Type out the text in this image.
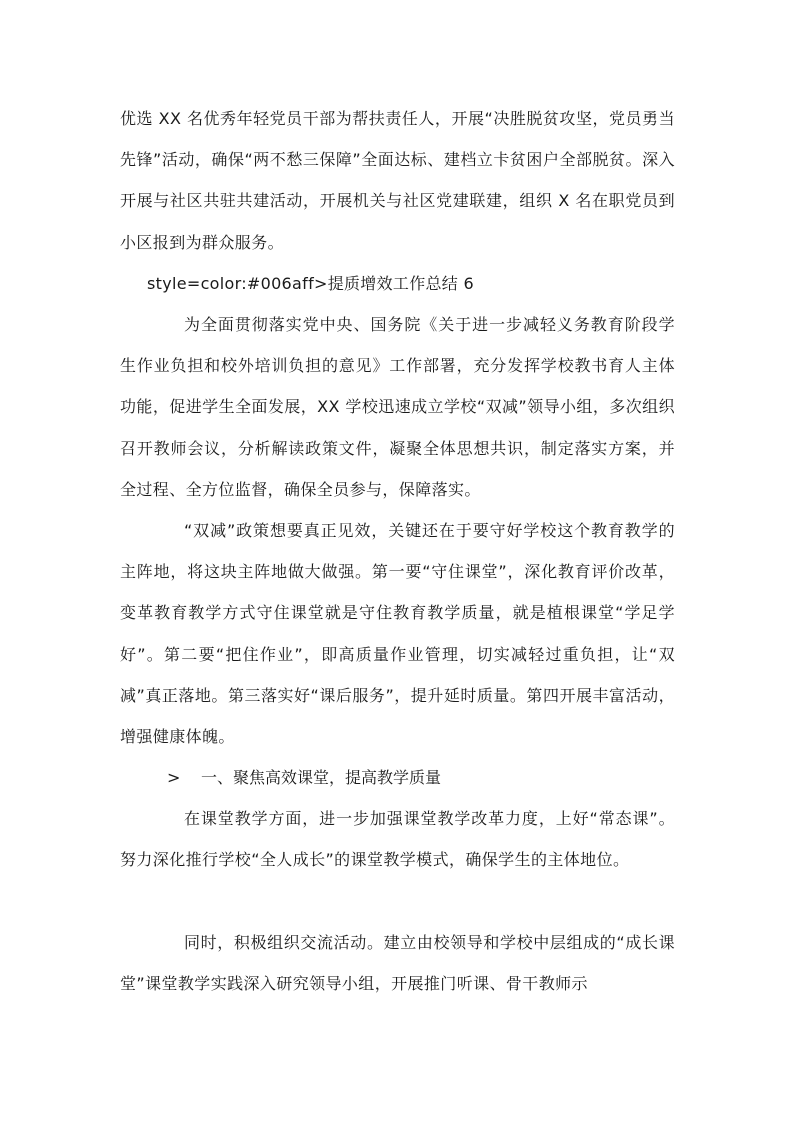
优选 XX 名优秀年轻党员干部为帮扶责任人，开展“决胜脱贫攻坚，党员勇当先锋”活动，确保“两不愁三保障”全面达标、建档立卡贫困户全部脱贫。深入开展与社区共驻共建活动，开展机关与社区党建联建，组织 X 名在职党员到小区报到为群众服务。

style=color:#006aff>提质增效工作总结 6

为全面贯彻落实党中央、国务院《关于进一步减轻义务教育阶段学生作业负担和校外培训负担的意见》工作部署，充分发挥学校教书育人主体功能，促进学生全面发展，XX 学校迅速成立学校“双减”领导小组，多次组织召开教师会议，分析解读政策文件，凝聚全体思想共识，制定落实方案，并全过程、全方位监督，确保全员参与，保障落实。

“双减”政策想要真正见效，关键还在于要守好学校这个教育教学的主阵地，将这块主阵地做大做强。第一要“守住课堂”，深化教育评价改革，变革教育教学方式守住课堂就是守住教育教学质量，就是植根课堂“学足学好”。第二要“把住作业”，即高质量作业管理，切实减轻过重负担，让“双减”真正落地。第三落实好“课后服务”，提升延时质量。第四开展丰富活动，增强健康体魄。

> 一、聚焦高效课堂，提高教学质量

在课堂教学方面，进一步加强课堂教学改革力度，上好“常态课”。努力深化推行学校“全人成长”的课堂教学模式，确保学生的主体地位。

同时，积极组织交流活动。建立由校领导和学校中层组成的“成长课堂”课堂教学实践深入研究领导小组，开展推门听课、骨干教师示
